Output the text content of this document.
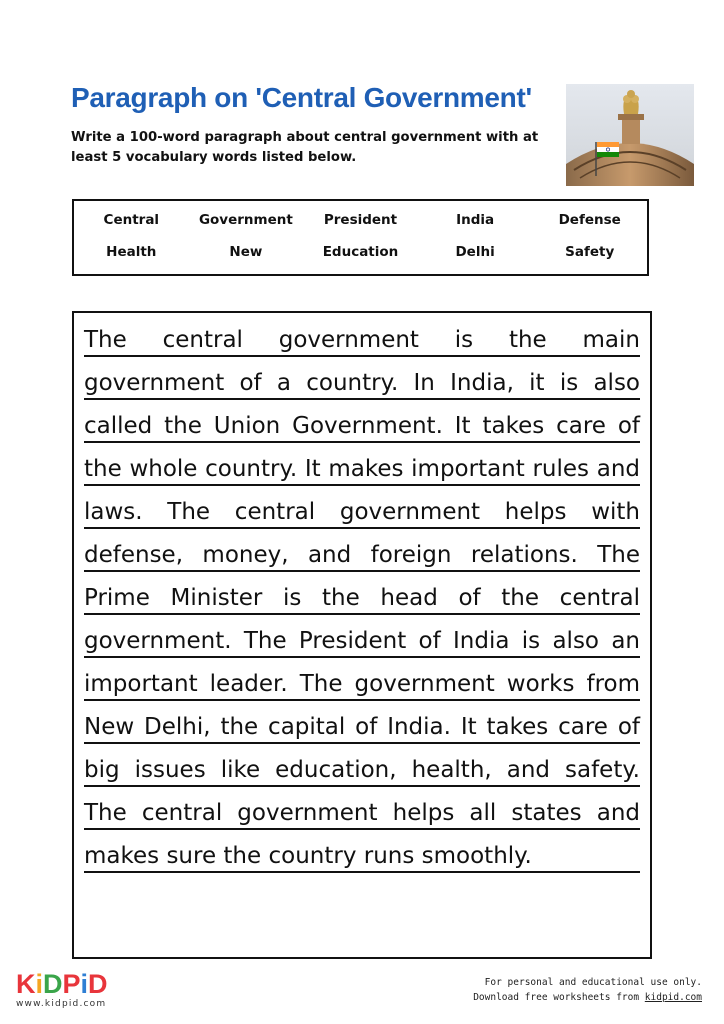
Paragraph on 'Central Government'
Write a 100-word paragraph about central government with at least 5 vocabulary words listed below.
Central	Government	President	India	Defense
Health	New	Education	Delhi	Safety

The central government is the main government of a country. In India, it is also called the Union Government. It takes care of the whole country. It makes important rules and laws. The central government helps with defense, money, and foreign relations. The Prime Minister is the head of the central government. The President of India is also an important leader. The government works from New Delhi, the capital of India. It takes care of big issues like education, health, and safety. The central government helps all states and makes sure the country runs smoothly.

KiDPiD
www.kidpid.com
For personal and educational use only.
Download free worksheets from kidpid.com
